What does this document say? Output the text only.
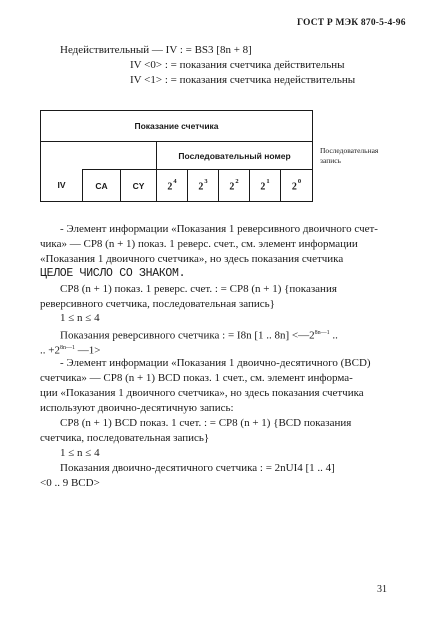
ГОСТ Р МЭК 870-5-4-96
Недействительный — IV : = BS3 [8n + 8]
IV <0> : = показания счетчика действительны
IV <1> : = показания счетчика недействительны
Показание счетчика							
			Последовательный номер				
IV	CA	CY	$2^4$	$2^3$	$2^2$	$2^1$	$2^0$
Последовательная
запись
- Элемент информации «Показания 1 реверсивного двоичного счет-
чика» — CP8 (n + 1) показ. 1 реверс. счет., см. элемент информации
«Показания 1 двоичного счетчика», но здесь показания счетчика
ЦЕЛОЕ ЧИСЛО СО ЗНАКОМ.
CP8 (n + 1) показ. 1 реверс. счет. : = CP8 (n + 1) {показания
реверсивного счетчика, последовательная запись}
1 ≤ n ≤ 4
Показания реверсивного счетчика : = I8n [1 .. $8n] <—2^{8n—1}$ ..
.. $+2^{8n—1}$ —1>
- Элемент информации «Показания 1 двоично-десятичного (BCD)
счетчика» — CP8 (n + 1) BCD показ. 1 счет., см. элемент информа-
ции «Показания 1 двоичного счетчика», но здесь показания счетчика
используют двоично-десятичную запись:
CP8 (n + 1) BCD показ. 1 счет. : = CP8 (n + 1) {BCD показания
счетчика, последовательная запись}
1 ≤ n ≤ 4
Показания двоично-десятичного счетчика : = 2nUI4 [1 .. 4]
<0 .. 9 BCD>
31
